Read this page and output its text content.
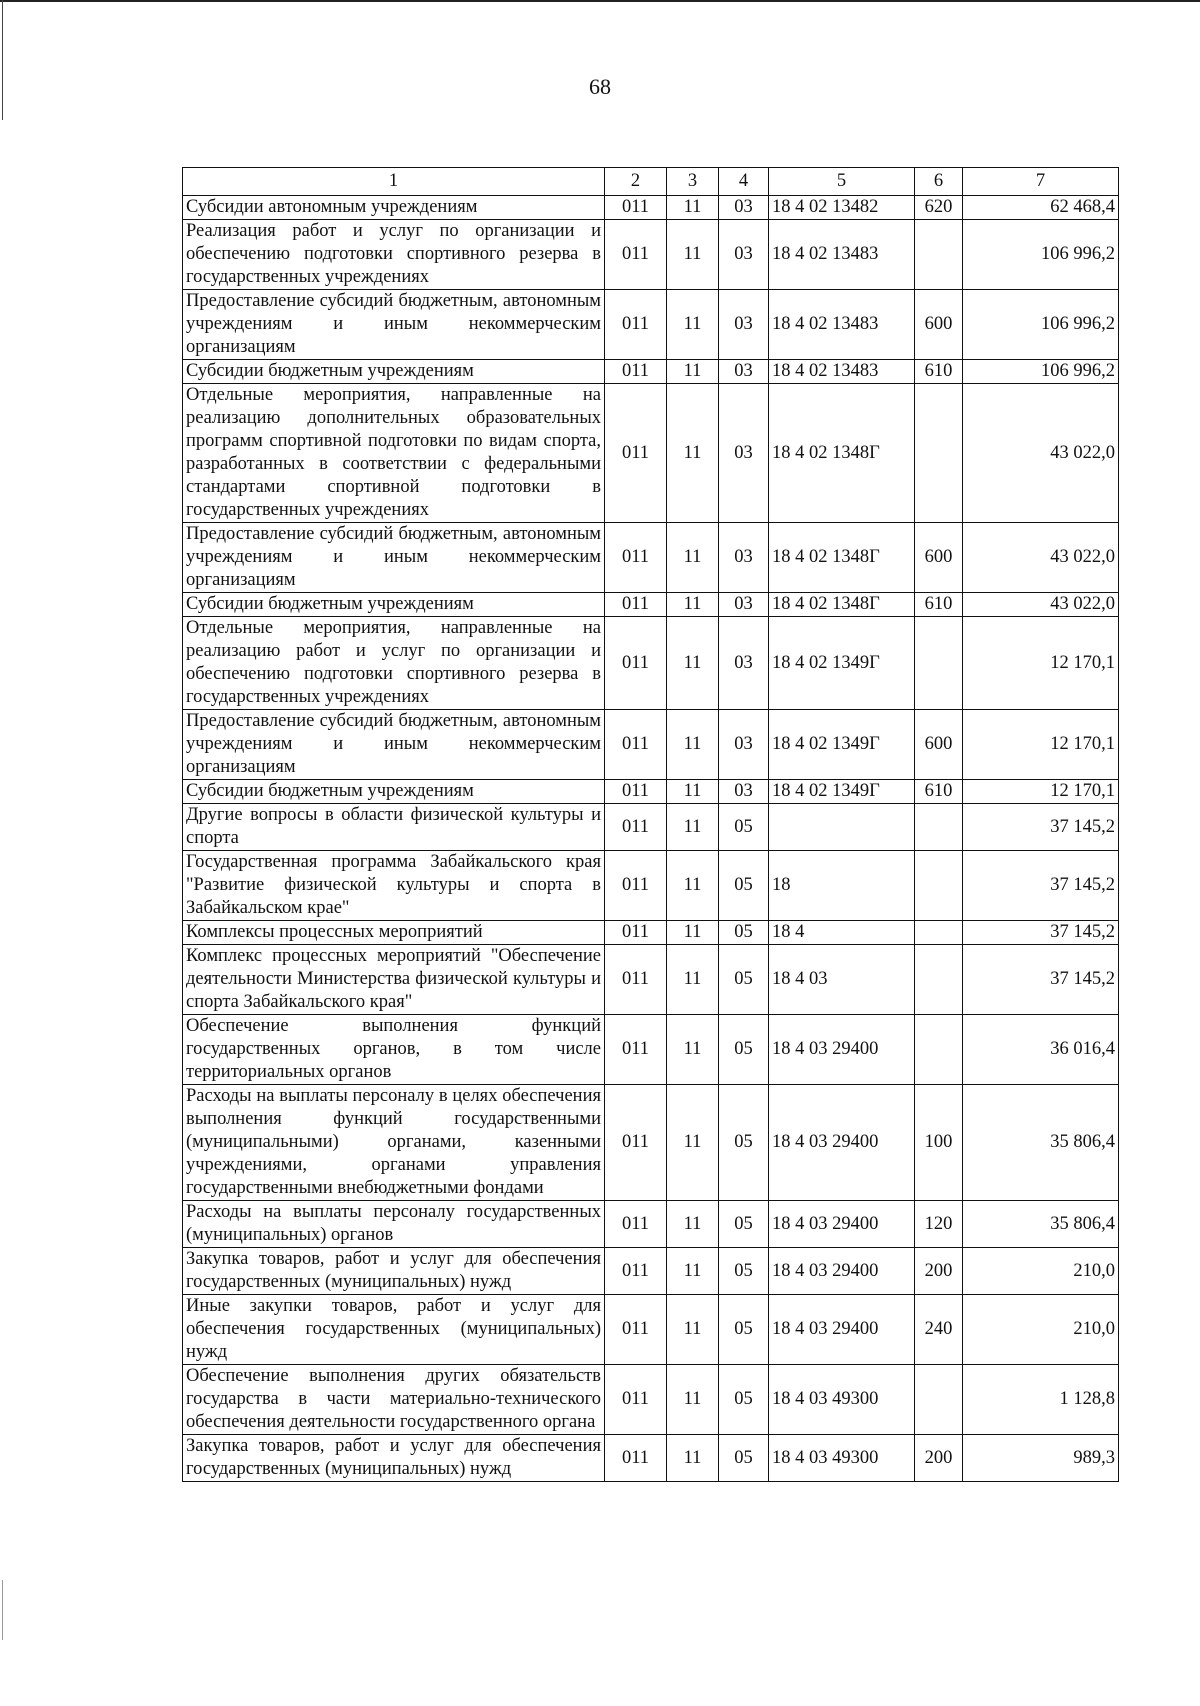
68
1	2	3	4	5	6	7
Субсидии автономным учреждениям	011	11	03	18 4 02 13482	620	62 468,4
Реализация работ и услуг по организации и обеспечению подготовки спортивного резерва в государственных учреждениях	011	11	03	18 4 02 13483		106 996,2
Предоставление субсидий бюджетным, автономным учреждениям и иным некоммерческим организациям	011	11	03	18 4 02 13483	600	106 996,2
Субсидии бюджетным учреждениям	011	11	03	18 4 02 13483	610	106 996,2
Отдельные мероприятия, направленные на реализацию дополнительных образовательных программ спортивной подготовки по видам спорта, разработанных в соответствии с федеральными стандартами спортивной подготовки в государственных учреждениях	011	11	03	18 4 02 1348Г		43 022,0
Предоставление субсидий бюджетным, автономным учреждениям и иным некоммерческим организациям	011	11	03	18 4 02 1348Г	600	43 022,0
Субсидии бюджетным учреждениям	011	11	03	18 4 02 1348Г	610	43 022,0
Отдельные мероприятия, направленные на реализацию работ и услуг по организации и обеспечению подготовки спортивного резерва в государственных учреждениях	011	11	03	18 4 02 1349Г		12 170,1
Предоставление субсидий бюджетным, автономным учреждениям и иным некоммерческим организациям	011	11	03	18 4 02 1349Г	600	12 170,1
Субсидии бюджетным учреждениям	011	11	03	18 4 02 1349Г	610	12 170,1
Другие вопросы в области физической культуры и спорта	011	11	05			37 145,2
Государственная программа Забайкальского края "Развитие физической культуры и спорта в Забайкальском крае"	011	11	05	18		37 145,2
Комплексы процессных мероприятий	011	11	05	18 4		37 145,2
Комплекс процессных мероприятий "Обеспечение деятельности Министерства физической культуры и спорта Забайкальского края"	011	11	05	18 4 03		37 145,2
Обеспечение выполнения функций государственных органов, в том числе территориальных органов	011	11	05	18 4 03 29400		36 016,4
Расходы на выплаты персоналу в целях обеспечения выполнения функций государственными (муниципальными) органами, казенными учреждениями, органами управления государственными внебюджетными фондами	011	11	05	18 4 03 29400	100	35 806,4
Расходы на выплаты персоналу государственных (муниципальных) органов	011	11	05	18 4 03 29400	120	35 806,4
Закупка товаров, работ и услуг для обеспечения государственных (муниципальных) нужд	011	11	05	18 4 03 29400	200	210,0
Иные закупки товаров, работ и услуг для обеспечения государственных (муниципальных) нужд	011	11	05	18 4 03 29400	240	210,0
Обеспечение выполнения других обязательств государства в части материально-технического обеспечения деятельности государственного органа	011	11	05	18 4 03 49300		1 128,8
Закупка товаров, работ и услуг для обеспечения государственных (муниципальных) нужд	011	11	05	18 4 03 49300	200	989,3
